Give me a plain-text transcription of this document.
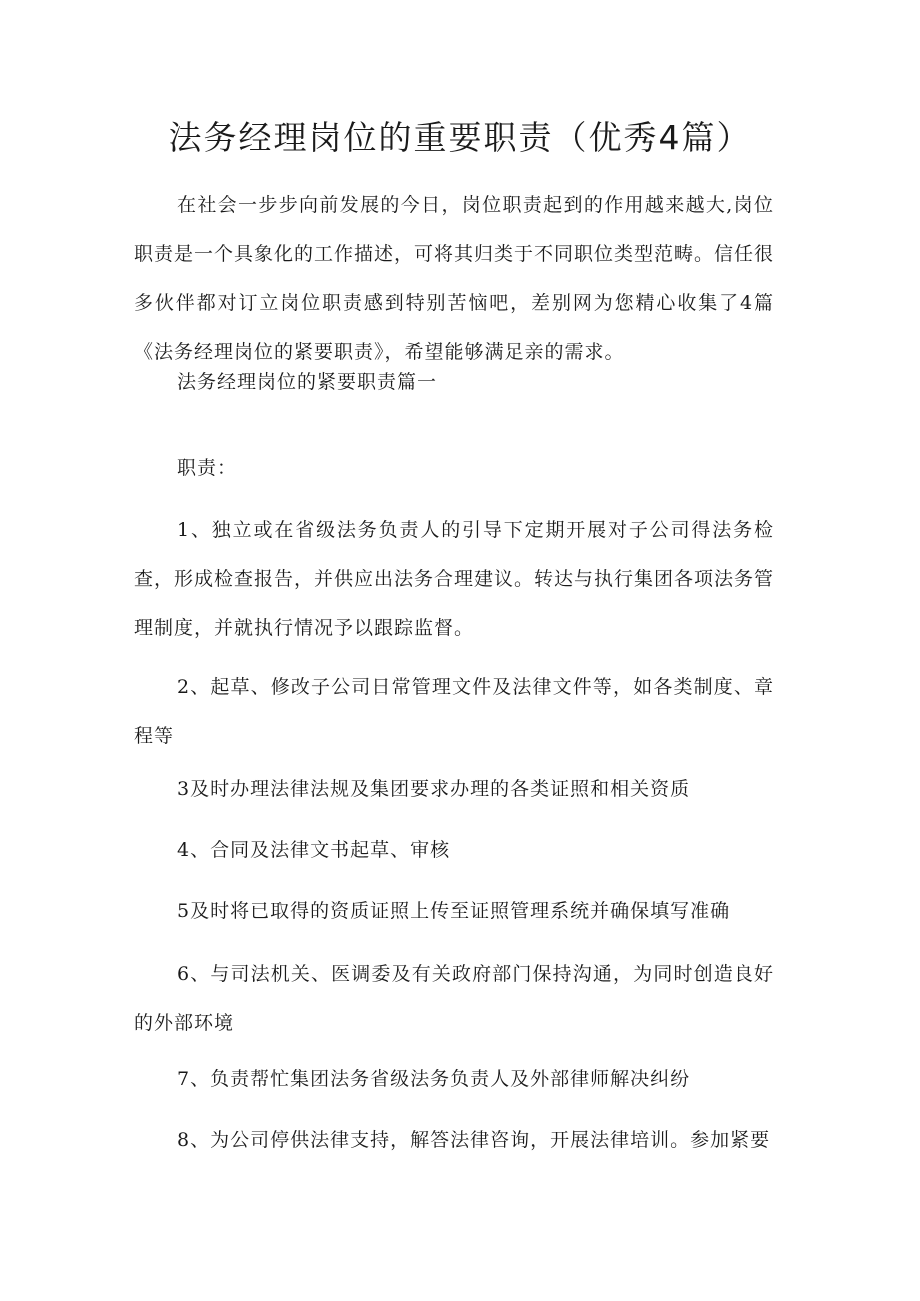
法务经理岗位的重要职责（优秀4篇）

在社会一步步向前发展的今日，岗位职责起到的作用越来越大,岗位职责是一个具象化的工作描述，可将其归类于不同职位类型范畴。信任很多伙伴都对订立岗位职责感到特别苦恼吧，差别网为您精心收集了4篇《法务经理岗位的紧要职责》，希望能够满足亲的需求。

法务经理岗位的紧要职责篇一

职责：

1、独立或在省级法务负责人的引导下定期开展对子公司得法务检查，形成检查报告，并供应出法务合理建议。转达与执行集团各项法务管理制度，并就执行情况予以跟踪监督。

2、起草、修改子公司日常管理文件及法律文件等，如各类制度、章程等

3及时办理法律法规及集团要求办理的各类证照和相关资质

4、合同及法律文书起草、审核

5及时将已取得的资质证照上传至证照管理系统并确保填写准确

6、与司法机关、医调委及有关政府部门保持沟通，为同时创造良好的外部环境

7、负责帮忙集团法务省级法务负责人及外部律师解决纠纷

8、为公司停供法律支持，解答法律咨询，开展法律培训。参加紧要
